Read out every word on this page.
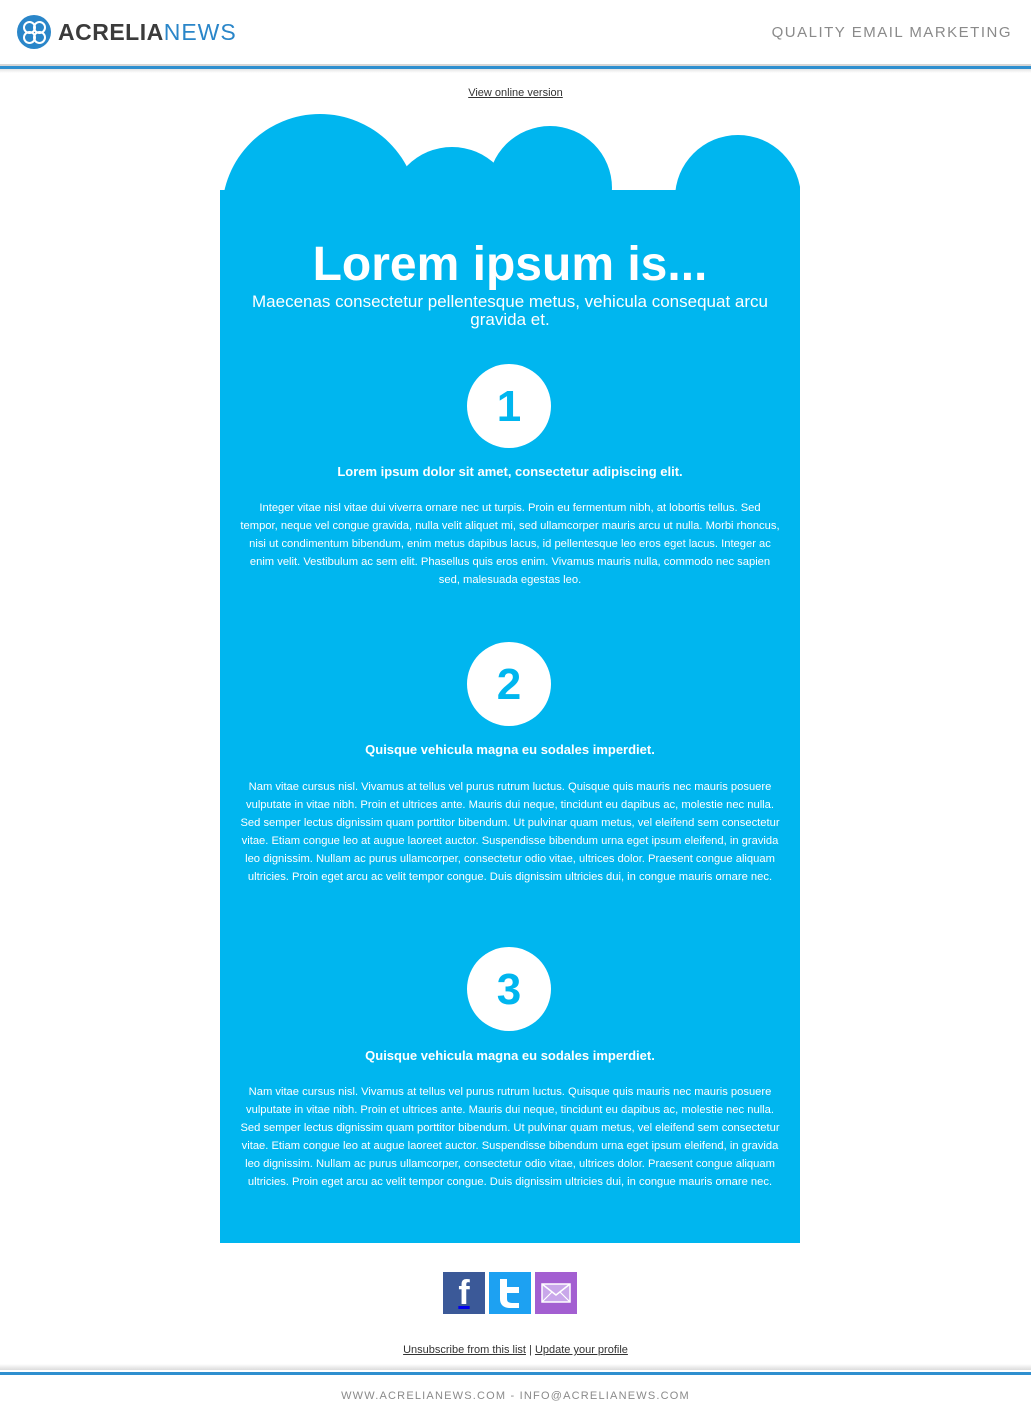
ACRELIANEWS	QUALITY EMAIL MARKETING
View online version
Lorem ipsum is...
Maecenas consectetur pellentesque metus, vehicula consequat arcu gravida et.
1
Lorem ipsum dolor sit amet, consectetur adipiscing elit.
Integer vitae nisl vitae dui viverra ornare nec ut turpis. Proin eu fermentum nibh, at lobortis tellus. Sed tempor, neque vel congue gravida, nulla velit aliquet mi, sed ullamcorper mauris arcu ut nulla. Morbi rhoncus, nisi ut condimentum bibendum, enim metus dapibus lacus, id pellentesque leo eros eget lacus. Integer ac enim velit. Vestibulum ac sem elit. Phasellus quis eros enim. Vivamus mauris nulla, commodo nec sapien sed, malesuada egestas leo.
2
Quisque vehicula magna eu sodales imperdiet.
Nam vitae cursus nisl. Vivamus at tellus vel purus rutrum luctus. Quisque quis mauris nec mauris posuere vulputate in vitae nibh. Proin et ultrices ante. Mauris dui neque, tincidunt eu dapibus ac, molestie nec nulla. Sed semper lectus dignissim quam porttitor bibendum. Ut pulvinar quam metus, vel eleifend sem consectetur vitae. Etiam congue leo at augue laoreet auctor. Suspendisse bibendum urna eget ipsum eleifend, in gravida leo dignissim. Nullam ac purus ullamcorper, consectetur odio vitae, ultrices dolor. Praesent congue aliquam ultricies. Proin eget arcu ac velit tempor congue. Duis dignissim ultricies dui, in congue mauris ornare nec.
3
Quisque vehicula magna eu sodales imperdiet.
Nam vitae cursus nisl. Vivamus at tellus vel purus rutrum luctus. Quisque quis mauris nec mauris posuere vulputate in vitae nibh. Proin et ultrices ante. Mauris dui neque, tincidunt eu dapibus ac, molestie nec nulla. Sed semper lectus dignissim quam porttitor bibendum. Ut pulvinar quam metus, vel eleifend sem consectetur vitae. Etiam congue leo at augue laoreet auctor. Suspendisse bibendum urna eget ipsum eleifend, in gravida leo dignissim. Nullam ac purus ullamcorper, consectetur odio vitae, ultrices dolor. Praesent congue aliquam ultricies. Proin eget arcu ac velit tempor congue. Duis dignissim ultricies dui, in congue mauris ornare nec.
f
Unsubscribe from this list | Update your profile
WWW.ACRELIANEWS.COM - INFO@ACRELIANEWS.COM
